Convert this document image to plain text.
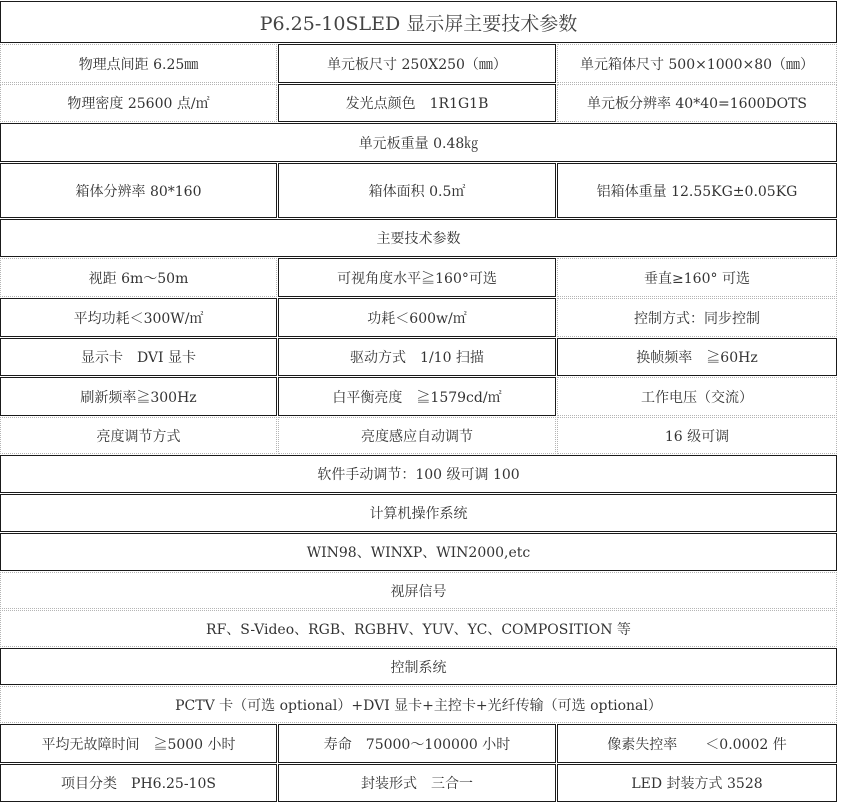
P6.25-10SLED 显示屏主要技术参数
物理点间距 6.25㎜	单元板尺寸 250X250（㎜）	单元箱体尺寸 500×1000×80（㎜）
物理密度 25600 点/㎡	发光点颜色　1R1G1B	单元板分辨率 40*40=1600DOTS
单元板重量 0.48㎏
箱体分辨率 80*160	箱体面积 0.5㎡	铝箱体重量 12.55KG±0.05KG
主要技术参数
视距 6m～50m	可视角度水平≧160°可选	垂直≥160° 可选
平均功耗＜300W/㎡	功耗＜600w/㎡	控制方式：同步控制
显示卡　DVI 显卡	驱动方式　1/10 扫描	换帧频率　≧60Hz
刷新频率≧300Hz	白平衡亮度　≧1579cd/㎡	工作电压（交流）
亮度调节方式	亮度感应自动调节	16 级可调
软件手动调节：100 级可调 100
计算机操作系统
WIN98、WINXP、WIN2000,etc
视屏信号
RF、S-Video、RGB、RGBHV、YUV、YC、COMPOSITION 等
控制系统
PCTV 卡（可选 optional）+DVI 显卡+主控卡+光纤传输（可选 optional）
平均无故障时间　≧5000 小时	寿命　75000～100000 小时	像素失控率　　＜0.0002 件
项目分类　PH6.25-10S	封装形式　三合一	LED 封装方式 3528
